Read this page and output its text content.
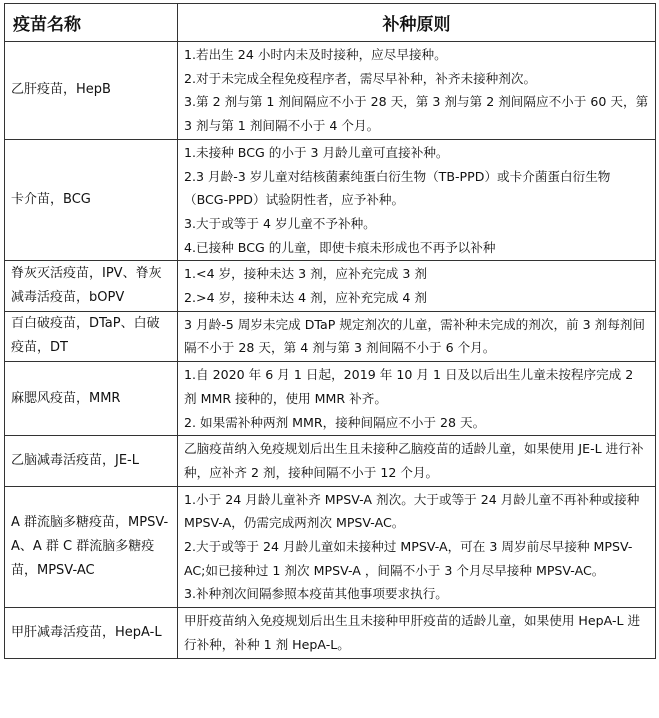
疫苗名称	补种原则
乙肝疫苗，HepB	1.若出生 24 小时内未及时接种，应尽早接种。
2.对于未完成全程免疫程序者，需尽早补种，补齐未接种剂次。
3.第 2 剂与第 1 剂间隔应不小于 28 天，第 3 剂与第 2 剂间隔应不小于 60 天，第 3 剂与第 1 剂间隔不小于 4 个月。

卡介苗，BCG	1.未接种 BCG 的小于 3 月龄儿童可直接补种。
2.3 月龄-3 岁儿童对结核菌素纯蛋白衍生物（TB-PPD）或卡介菌蛋白衍生物（BCG-PPD）试验阴性者，应予补种。
3.大于或等于 4 岁儿童不予补种。
4.已接种 BCG 的儿童，即使卡痕未形成也不再予以补种

脊灰灭活疫苗，IPV、脊灰减毒活疫苗，bOPV	1.<4 岁，接种未达 3 剂，应补充完成 3 剂
2.>4 岁，接种未达 4 剂，应补充完成 4 剂

百白破疫苗，DTaP、白破疫苗，DT	3 月龄-5 周岁未完成 DTaP 规定剂次的儿童，需补种未完成的剂次，前 3 剂每剂间隔不小于 28 天，第 4 剂与第 3 剂间隔不小于 6 个月。

麻腮风疫苗，MMR	1.自 2020 年 6 月 1 日起，2019 年 10 月 1 日及以后出生儿童未按程序完成 2 剂 MMR 接种的，使用 MMR 补齐。
2. 如果需补种两剂 MMR，接种间隔应不小于 28 天。

乙脑减毒活疫苗，JE-L	乙脑疫苗纳入免疫规划后出生且未接种乙脑疫苗的适龄儿童，如果使用 JE-L 进行补种，应补齐 2 剂，接种间隔不小于 12 个月。

A 群流脑多糖疫苗，MPSV-A、A 群 C 群流脑多糖疫 苗，MPSV-AC	1.小于 24 月龄儿童补齐 MPSV-A 剂次。大于或等于 24 月龄儿童不再补种或接种 MPSV-A，仍需完成两剂次 MPSV-AC。
2.大于或等于 24 月龄儿童如未接种过 MPSV-A，可在 3 周岁前尽早接种 MPSV-AC;如已接种过 1 剂次 MPSV-A ，间隔不小于 3 个月尽早接种 MPSV-AC。
3.补种剂次间隔参照本疫苗其他事项要求执行。

甲肝减毒活疫苗，HepA-L	甲肝疫苗纳入免疫规划后出生且未接种甲肝疫苗的适龄儿童，如果使用 HepA-L 进行补种，补种 1 剂 HepA-L。
